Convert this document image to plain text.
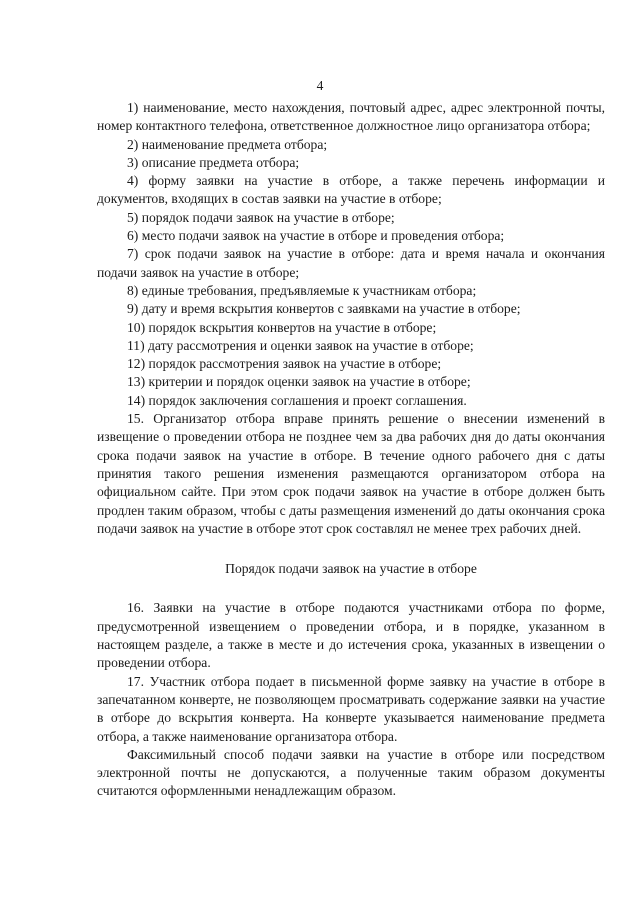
4

1) наименование, место нахождения, почтовый адрес, адрес электронной почты, номер контактного телефона, ответственное должностное лицо организатора отбора;

2) наименование предмета отбора;

3) описание предмета отбора;

4) форму заявки на участие в отборе, а также перечень информации и документов, входящих в состав заявки на участие в отборе;

5) порядок подачи заявок на участие в отборе;

6) место подачи заявок на участие в отборе и проведения отбора;

7) срок подачи заявок на участие в отборе: дата и время начала и окончания подачи заявок на участие в отборе;

8) единые требования, предъявляемые к участникам отбора;

9) дату и время вскрытия конвертов с заявками на участие в отборе;

10) порядок вскрытия конвертов на участие в отборе;

11) дату рассмотрения и оценки заявок на участие в отборе;

12) порядок рассмотрения заявок на участие в отборе;

13) критерии и порядок оценки заявок на участие в отборе;

14) порядок заключения соглашения и проект соглашения.

15. Организатор отбора вправе принять решение о внесении изменений в извещение о проведении отбора не позднее чем за два рабочих дня до даты окончания срока подачи заявок на участие в отборе. В течение одного рабочего дня с даты принятия такого решения изменения размещаются организатором отбора на официальном сайте. При этом срок подачи заявок на участие в отборе должен быть продлен таким образом, чтобы с даты размещения изменений до даты окончания срока подачи заявок на участие в отборе этот срок составлял не менее трех рабочих дней.

Порядок подачи заявок на участие в отборе

16. Заявки на участие в отборе подаются участниками отбора по форме, предусмотренной извещением о проведении отбора, и в порядке, указанном в настоящем разделе, а также в месте и до истечения срока, указанных в извещении о проведении отбора.

17. Участник отбора подает в письменной форме заявку на участие в отборе в запечатанном конверте, не позволяющем просматривать содержание заявки на участие в отборе до вскрытия конверта. На конверте указывается наименование предмета отбора, а также наименование организатора отбора.

Факсимильный способ подачи заявки на участие в отборе или посредством электронной почты не допускаются, а полученные таким образом документы считаются оформленными ненадлежащим образом.
